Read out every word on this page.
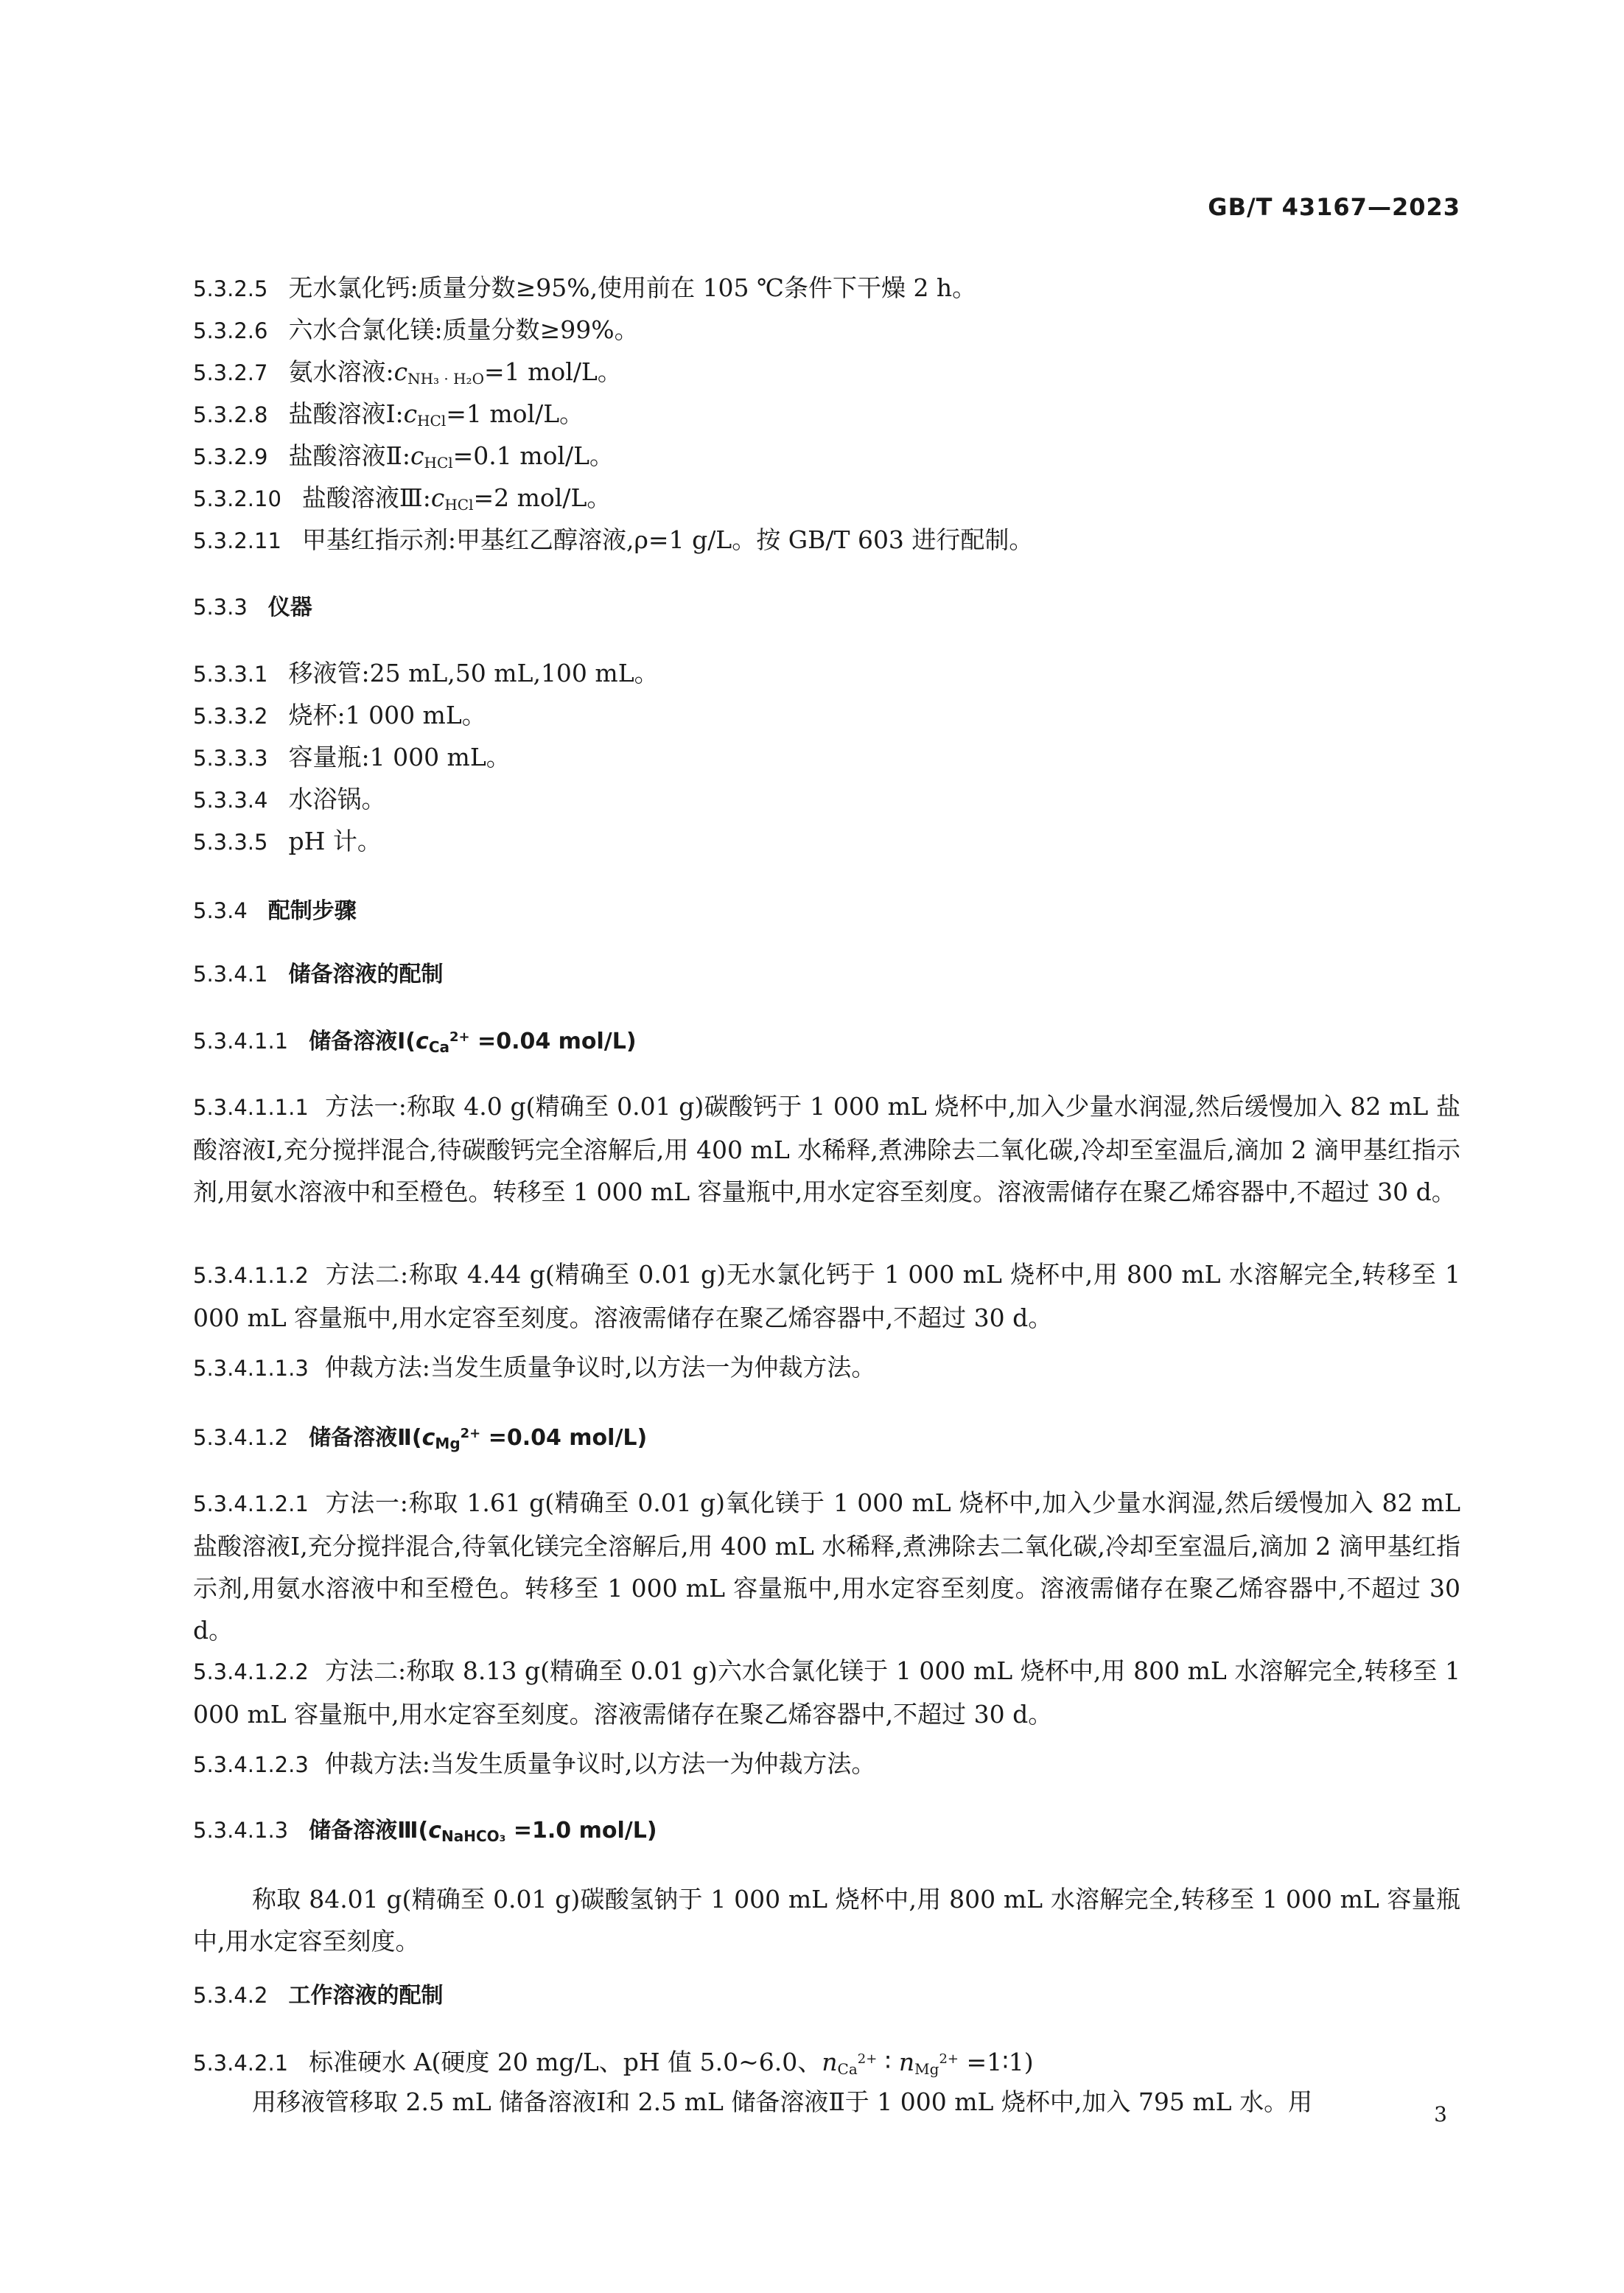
GB/T 43167—2023
5.3.2.5 无水氯化钙:质量分数≥95%,使用前在 105 ℃条件下干燥 2 h。
5.3.2.6 六水合氯化镁:质量分数≥99%。
5.3.2.7 氨水溶液$:c_{NH_3 \cdot H_2O}=1$ mol/L。
5.3.2.8 盐酸溶液$Ⅰ:c_{HCl}=1$ mol/L。
5.3.2.9 盐酸溶液$Ⅱ:c_{HCl}=0.1$ mol/L。
5.3.2.10 盐酸溶液$Ⅲ:c_{HCl}=2$ mol/L。
5.3.2.11 甲基红指示剂:甲基红乙醇溶液,ρ=1 g/L。按 GB/T 603 进行配制。
5.3.3 仪器
5.3.3.1 移液管:25 mL,50 mL,100 mL。
5.3.3.2 烧杯:1 000 mL。
5.3.3.3 容量瓶:1 000 mL。
5.3.3.4 水浴锅。
5.3.3.5 pH 计。
5.3.4 配制步骤
5.3.4.1 储备溶液的配制
5.3.4.1.1 储备溶液$Ⅰ(c_{Ca}^{2+} =0.04$ mol/L)
5.3.4.1.1.1 方法一:称取 4.0 g(精确至 0.01 g)碳酸钙于 1 000 mL 烧杯中,加入少量水润湿,然后缓慢加入 82 mL 盐酸溶液Ⅰ,充分搅拌混合,待碳酸钙完全溶解后,用 400 mL 水稀释,煮沸除去二氧化碳,冷却至室温后,滴加 2 滴甲基红指示剂,用氨水溶液中和至橙色。转移至 1 000 mL 容量瓶中,用水定容至刻度。溶液需储存在聚乙烯容器中,不超过 30 d。
5.3.4.1.1.2 方法二:称取 4.44 g(精确至 0.01 g)无水氯化钙于 1 000 mL 烧杯中,用 800 mL 水溶解完全,转移至 1 000 mL 容量瓶中,用水定容至刻度。溶液需储存在聚乙烯容器中,不超过 30 d。
5.3.4.1.1.3 仲裁方法:当发生质量争议时,以方法一为仲裁方法。
5.3.4.1.2 储备溶液$Ⅱ(c_{Mg}^{2+} =0.04$ mol/L)
5.3.4.1.2.1 方法一:称取 1.61 g(精确至 0.01 g)氧化镁于 1 000 mL 烧杯中,加入少量水润湿,然后缓慢加入 82 mL 盐酸溶液Ⅰ,充分搅拌混合,待氧化镁完全溶解后,用 400 mL 水稀释,煮沸除去二氧化碳,冷却至室温后,滴加 2 滴甲基红指示剂,用氨水溶液中和至橙色。转移至 1 000 mL 容量瓶中,用水定容至刻度。溶液需储存在聚乙烯容器中,不超过 30 d。
5.3.4.1.2.2 方法二:称取 8.13 g(精确至 0.01 g)六水合氯化镁于 1 000 mL 烧杯中,用 800 mL 水溶解完全,转移至 1 000 mL 容量瓶中,用水定容至刻度。溶液需储存在聚乙烯容器中,不超过 30 d。
5.3.4.1.2.3 仲裁方法:当发生质量争议时,以方法一为仲裁方法。
5.3.4.1.3 储备溶液$Ⅲ(c_{NaHCO_3} =1.0$ mol/L)
称取 84.01 g(精确至 0.01 g)碳酸氢钠于 1 000 mL 烧杯中,用 800 mL 水溶解完全,转移至 1 000 mL 容量瓶中,用水定容至刻度。
5.3.4.2 工作溶液的配制
5.3.4.2.1 标准硬水 A(硬度 20 mg/L、pH 值 5.0~6.0、$n_{Ca}^{2+}$ ∶ $n_{Mg}^{2+}$ =1∶1)
用移液管移取 2.5 mL 储备溶液Ⅰ和 2.5 mL 储备溶液Ⅱ于 1 000 mL 烧杯中,加入 795 mL 水。用	3
